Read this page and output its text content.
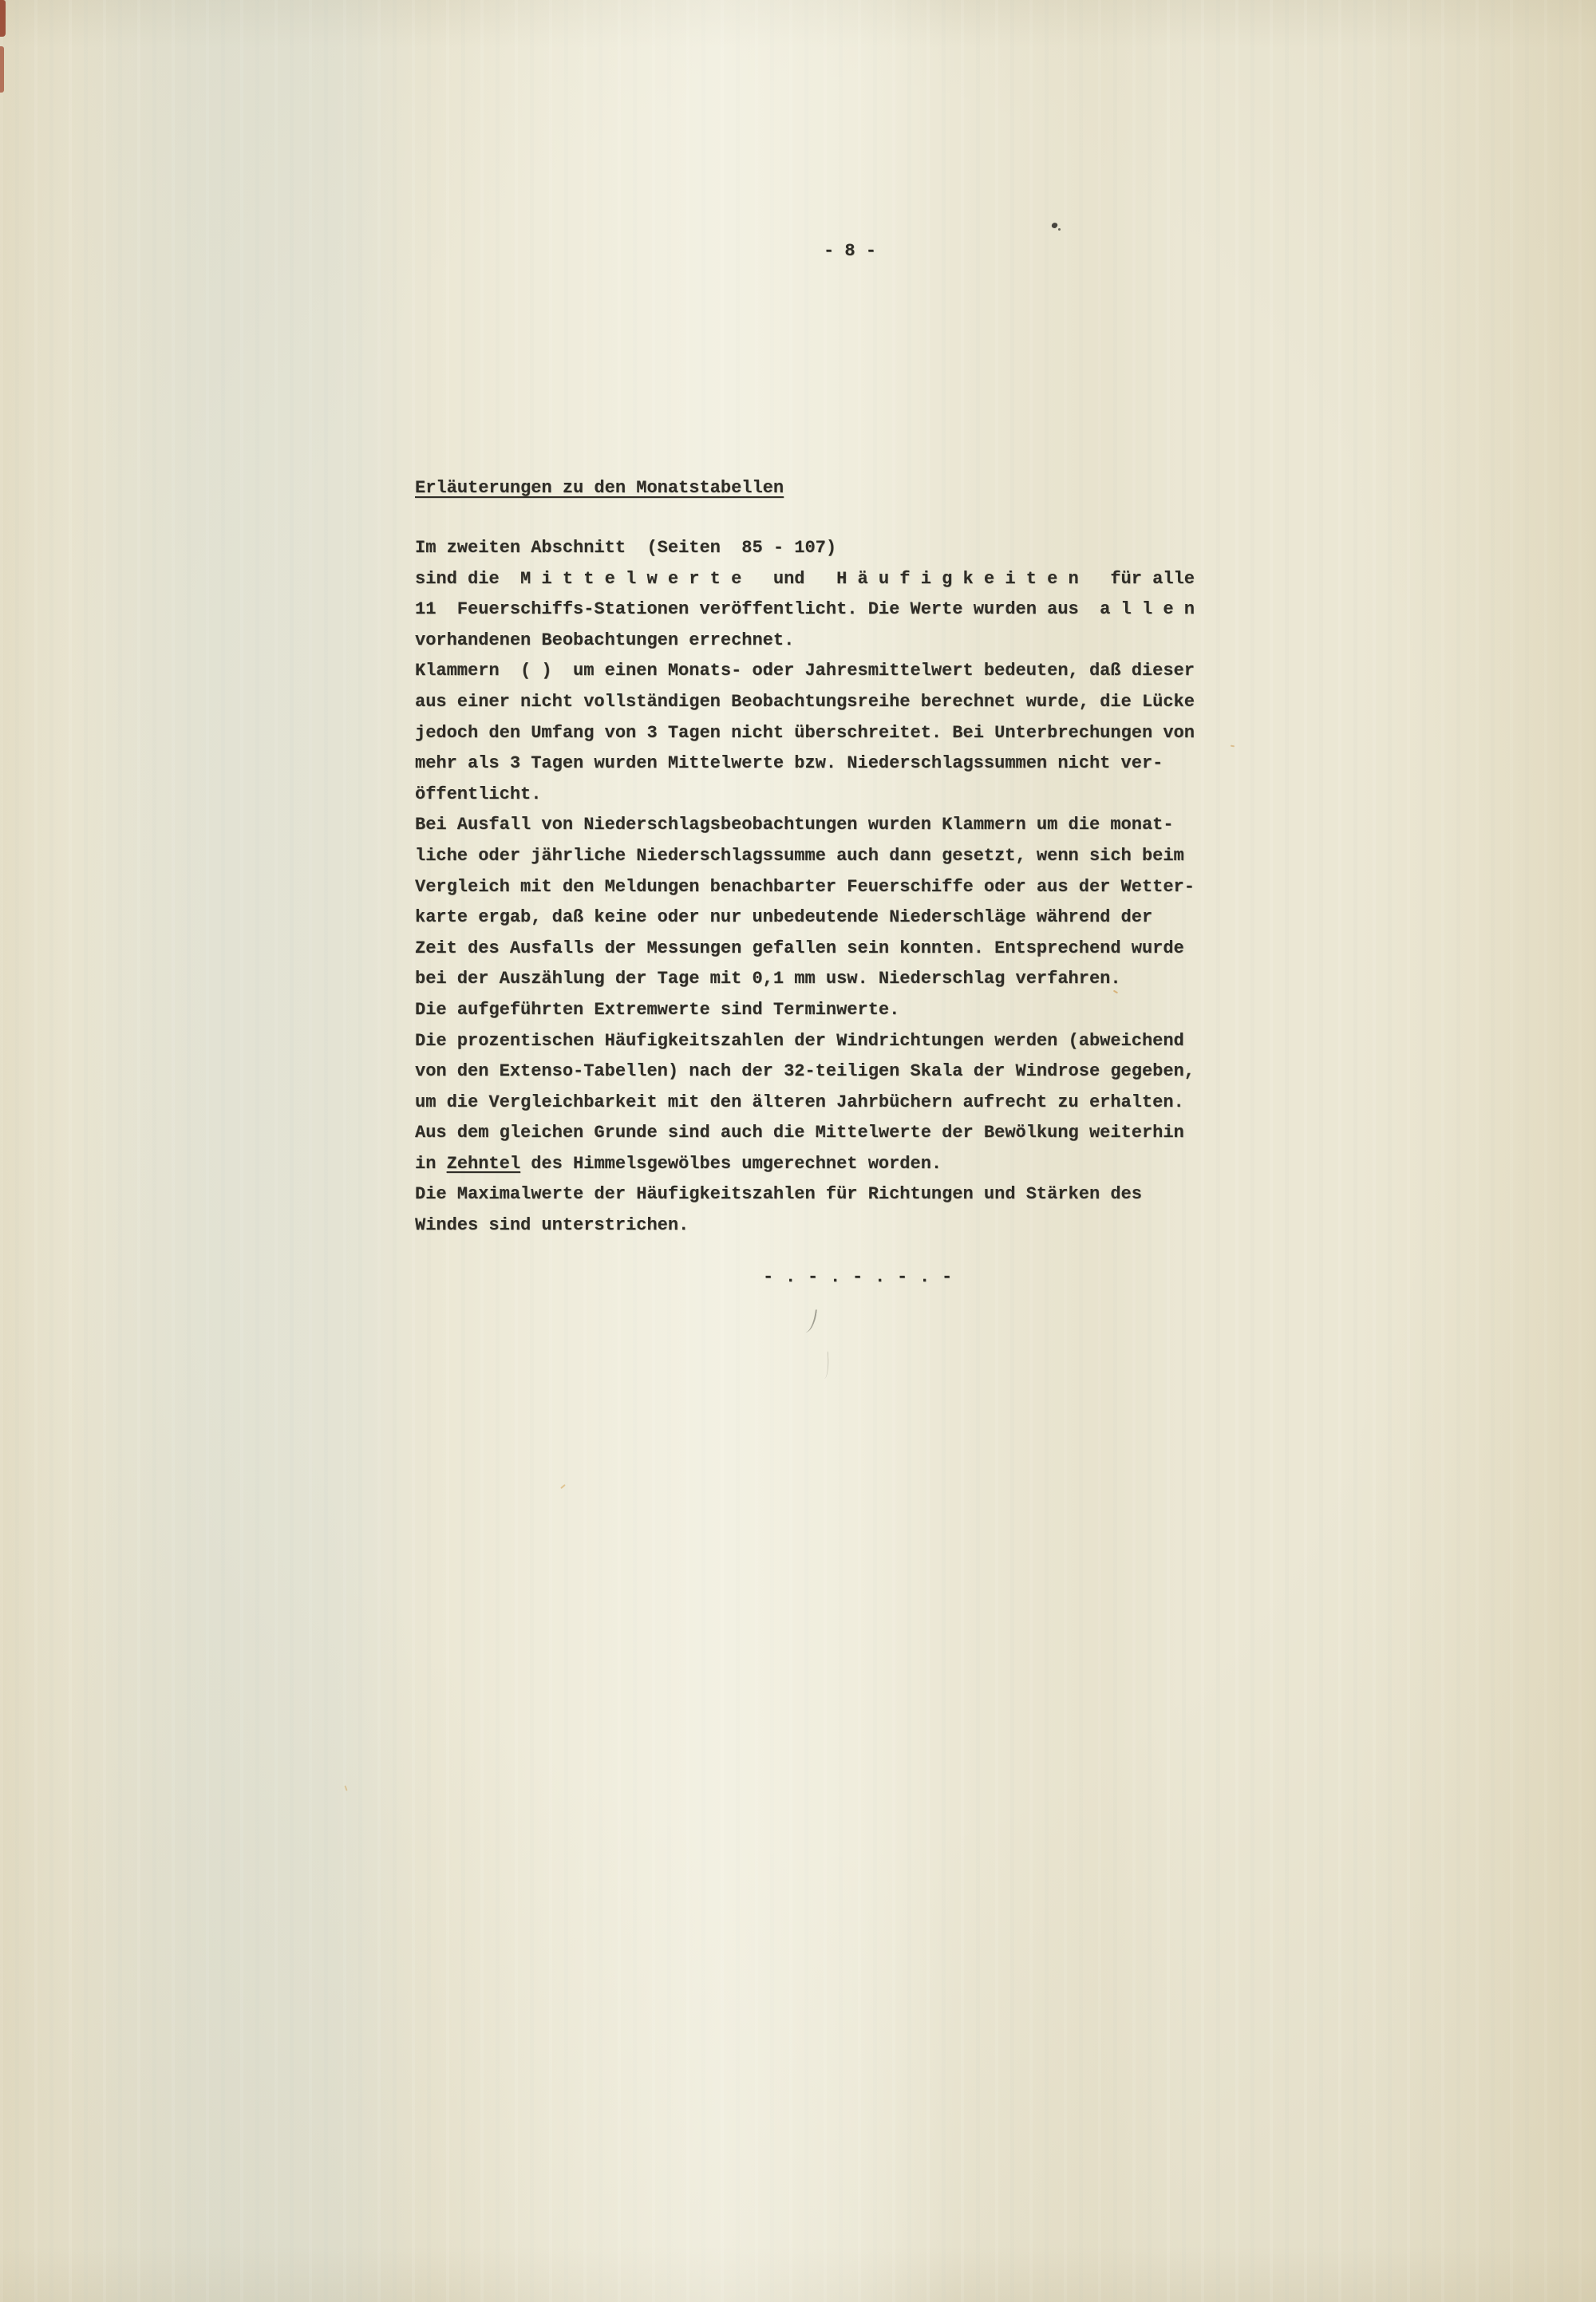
- 8 -
Erläuterungen zu den Monatstabellen
Im zweiten Abschnitt  (Seiten  85 - 107)
sind die  M i t t e l w e r t e   und   H ä u f i g k e i t e n   für alle
11  Feuerschiffs-Stationen veröffentlicht. Die Werte wurden aus  a l l e n
vorhandenen Beobachtungen errechnet.
Klammern  ( )  um einen Monats- oder Jahresmittelwert bedeuten, daß dieser
aus einer nicht vollständigen Beobachtungsreihe berechnet wurde, die Lücke
jedoch den Umfang von 3 Tagen nicht überschreitet. Bei Unterbrechungen von
mehr als 3 Tagen wurden Mittelwerte bzw. Niederschlagssummen nicht ver-
öffentlicht.
Bei Ausfall von Niederschlagsbeobachtungen wurden Klammern um die monat-
liche oder jährliche Niederschlagssumme auch dann gesetzt, wenn sich beim
Vergleich mit den Meldungen benachbarter Feuerschiffe oder aus der Wetter-
karte ergab, daß keine oder nur unbedeutende Niederschläge während der
Zeit des Ausfalls der Messungen gefallen sein konnten. Entsprechend wurde
bei der Auszählung der Tage mit 0,1 mm usw. Niederschlag verfahren.
Die aufgeführten Extremwerte sind Terminwerte.
Die prozentischen Häufigkeitszahlen der Windrichtungen werden (abweichend
von den Extenso-Tabellen) nach der 32-teiligen Skala der Windrose gegeben,
um die Vergleichbarkeit mit den älteren Jahrbüchern aufrecht zu erhalten.
Aus dem gleichen Grunde sind auch die Mittelwerte der Bewölkung weiterhin
in Zehntel des Himmelsgewölbes umgerechnet worden.
Die Maximalwerte der Häufigkeitszahlen für Richtungen und Stärken des
Windes sind unterstrichen.
- . - . - . - . -
